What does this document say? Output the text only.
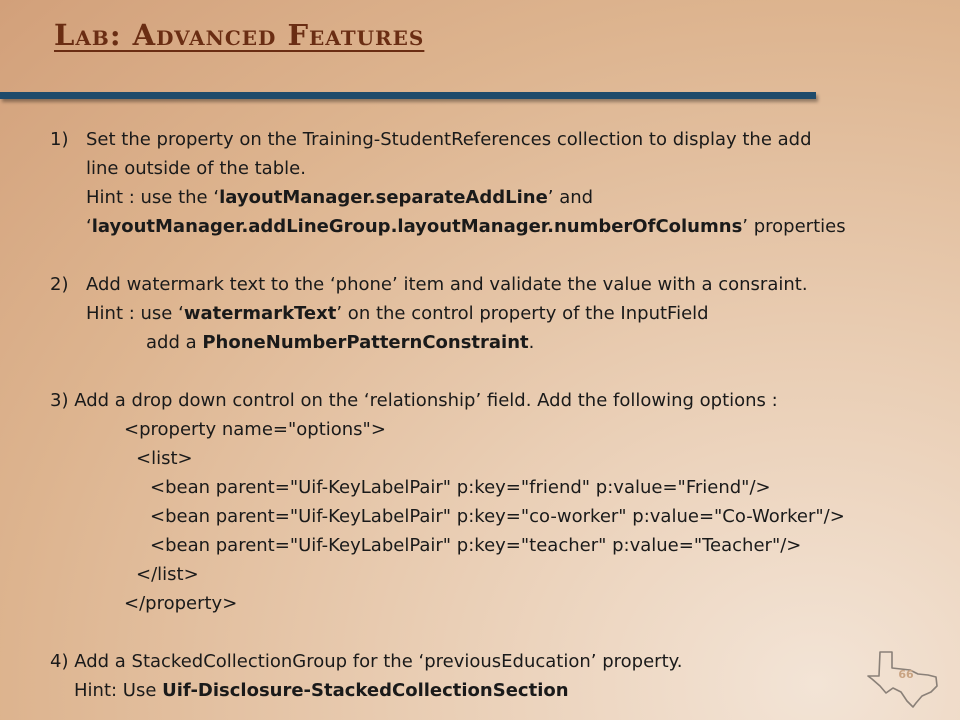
Lab: Advanced Features

1) Set the property on the Training-StudentReferences collection to display the add

line outside of the table.

Hint : use the ‘layoutManager.separateAddLine’ and

‘layoutManager.addLineGroup.layoutManager.numberOfColumns’ properties

2) Add watermark text to the ‘phone’ item and validate the value with a consraint.

Hint : use ‘watermarkText’ on the control property of the InputField

add a PhoneNumberPatternConstraint.

3) Add a drop down control on the ‘relationship’ field. Add the following options :

<property name="options">

<list>

<bean parent="Uif-KeyLabelPair" p:key="friend" p:value="Friend"/>

<bean parent="Uif-KeyLabelPair" p:key="co-worker" p:value="Co-Worker"/>

<bean parent="Uif-KeyLabelPair" p:key="teacher" p:value="Teacher"/>

</list>

</property>

4) Add a StackedCollectionGroup for the ‘previousEducation’ property.

Hint: Use Uif-Disclosure-StackedCollectionSection

66
